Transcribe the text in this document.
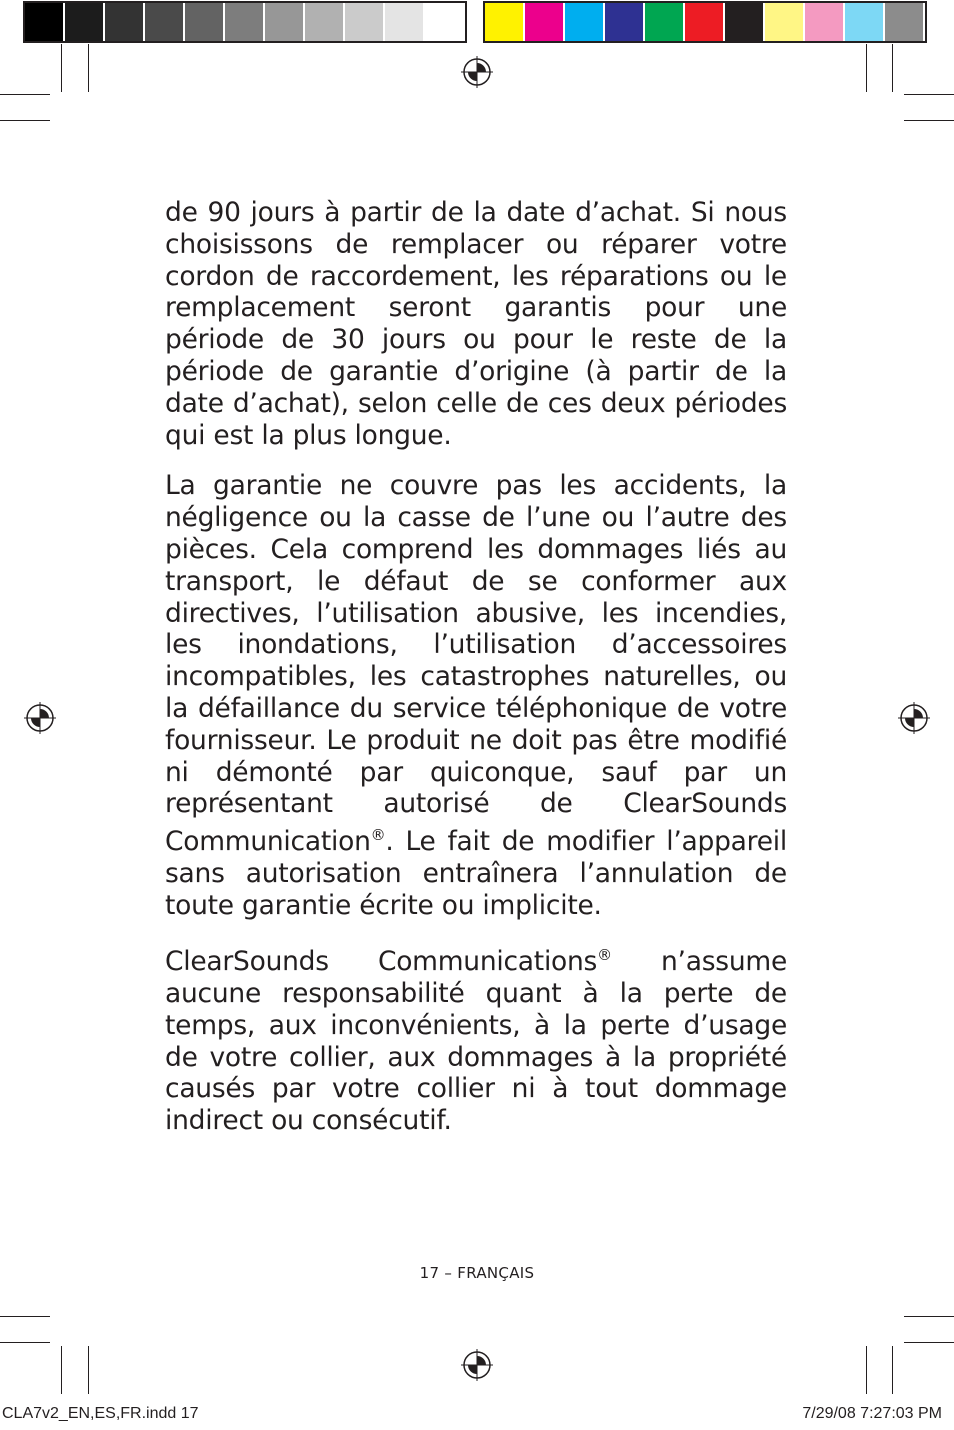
de 90 jours à partir de la date d’achat. Si nous choisissons de remplacer ou réparer votre cordon de raccordement, les réparations ou le remplacement seront garantis pour une période de 30 jours ou pour le reste de la période de garantie d’origine (à partir de la date d’achat), selon celle de ces deux périodes qui est la plus longue.

La garantie ne couvre pas les accidents, la négligence ou la casse de l’une ou l’autre des pièces. Cela comprend les dommages liés au transport, le défaut de se conformer aux directives, l’utilisation abusive, les incendies, les inondations, l’utilisation d’accessoires incompatibles, les catastrophes naturelles, ou la défaillance du service téléphonique de votre fournisseur. Le produit ne doit pas être modifié ni démonté par quiconque, sauf par un représentant autorisé de ClearSounds Communication®. Le fait de modifier l’appareil sans autorisation entraînera l’annulation de toute garantie écrite ou implicite.

ClearSounds Communications® n’assume aucune responsabilité quant à la perte de temps, aux inconvénients, à la perte d’usage de votre collier, aux dommages à la propriété causés par votre collier ni à tout dommage indirect ou consécutif.

17 – FRANÇAIS
CLA7v2_EN,ES,FR.indd 17	7/29/08 7:27:03 PM
